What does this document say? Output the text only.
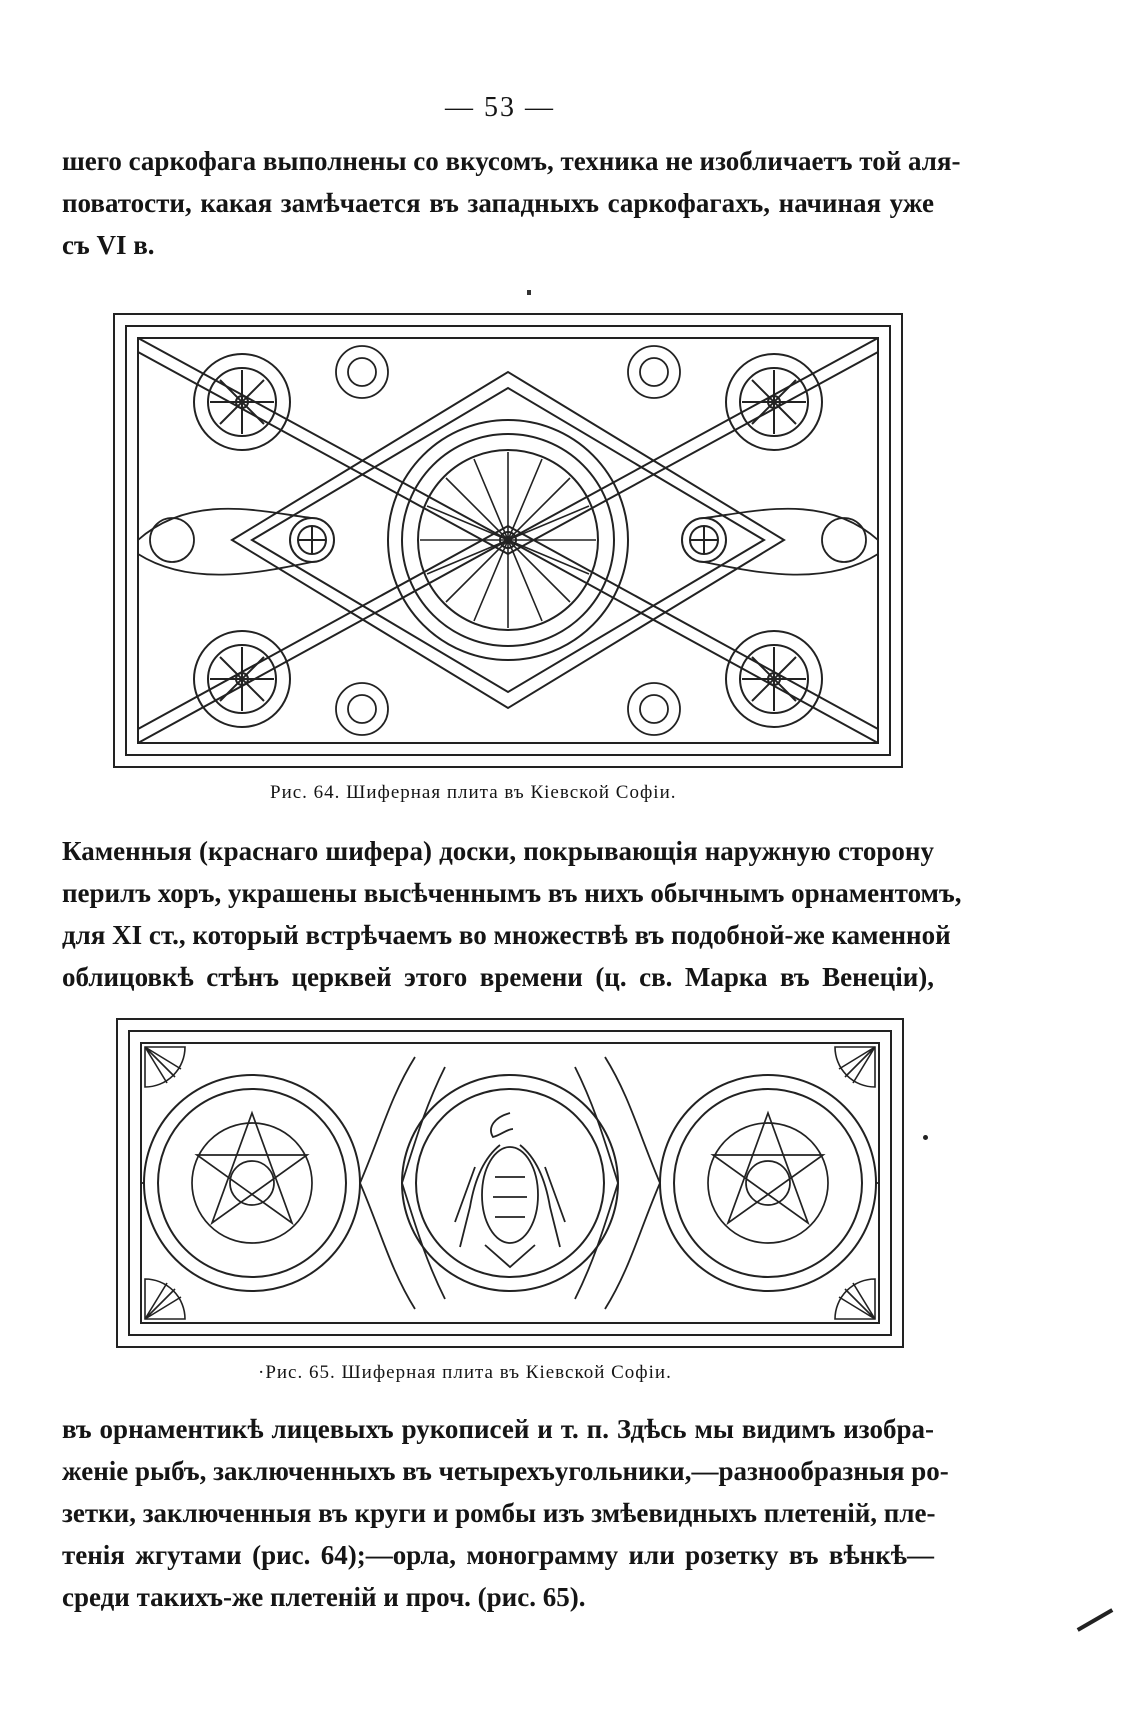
— 53 —
шего саркофага выполнены со вкусомъ, техника не изобличаетъ той аля-
поватости, какая замѣчается въ западныхъ саркофагахъ, начиная уже
съ VI в.
Рис. 64. Шиферная плита въ Кіевской Софіи.
Каменныя (краснаго шифера) доски, покрывающія наружную сторону
перилъ хоръ, украшены высѣченнымъ въ нихъ обычнымъ орнаментомъ,
для XI ст., который встрѣчаемъ во множествѣ въ подобной-же каменной
облицовкѣ стѣнъ церквей этого времени (ц. св. Марка въ Венеціи),
·Рис. 65. Шиферная плита въ Кіевской Софіи.
въ орнаментикѣ лицевыхъ рукописей и т. п. Здѣсь мы видимъ изобра-
женіе рыбъ, заключенныхъ въ четырехъугольники,—разнообразныя ро-
зетки, заключенныя въ круги и ромбы изъ змѣевидныхъ плетеній, пле-
тенія жгутами (рис. 64);—орла, монограмму или розетку въ вѣнкѣ—
среди такихъ-же плетеній и проч. (рис. 65).
